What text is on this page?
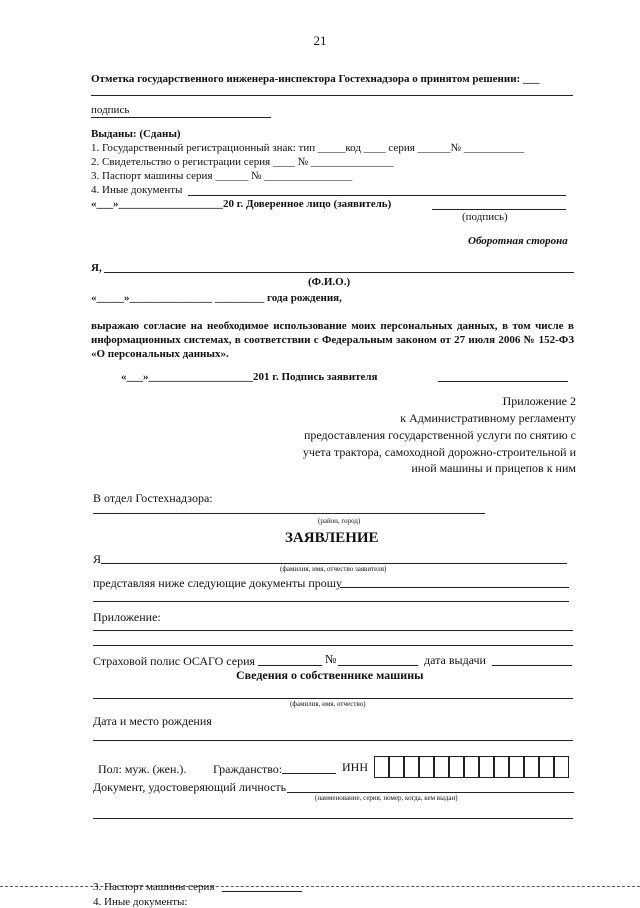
21
Отметка государственного инженера-инспектора Гостехнадзора о принятом решении: ___
подпись
Выданы: (Сданы)
1. Государственный регистрационный знак: тип _____код ____ серия ______№ ___________
2. Свидетельство о регистрации серия ____ № _______________
3. Паспорт машины серия ______ № ________________
4. Иные документы
«___»___________________20 г. Доверенное лицо (заявитель)
(подпись)
Оборотная сторона
Я,
(Ф.И.О.)
«_____»_______________ _________ года рождения,
выражаю согласие на необходимое использование моих персональных данных, в том числе в информационных системах, в соответствии с Федеральным законом от 27 июля 2006 № 152-ФЗ «О персональных данных».
«___»___________________201 г. Подпись заявителя
Приложение 2
к Административному регламенту
предоставления государственной услуги по снятию с
учета трактора, самоходной дорожно-строительной и
иной машины и прицепов к ним
В отдел Гостехнадзора:
(район, город)
ЗАЯВЛЕНИЕ
Я
(фамилия, имя, отчество заявителя)
представляя ниже следующие документы прошу
Приложение:
Страховой полис ОСАГО серия	№	дата выдачи
Сведения о собственнике машины
(фамилия, имя, отчество)
Дата и место рождения
Пол: муж. (жен.). Гражданство:	ИНН
Документ, удостоверяющий личность
(наименование, серия, номер, когда, кем выдан)
3. Паспорт машины серия
4. Иные документы:
